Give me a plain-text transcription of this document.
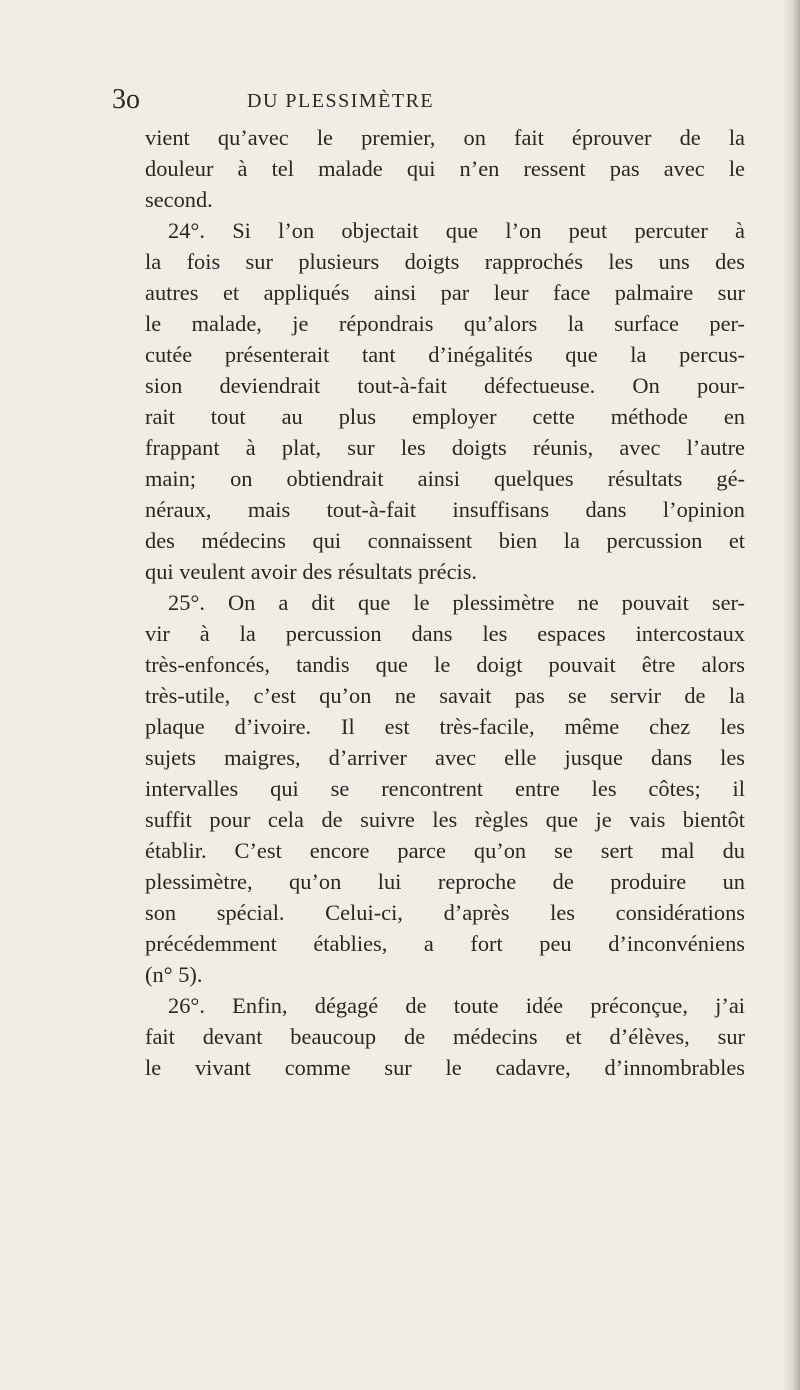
3o	DU PLESSIMÈTRE
vient qu’avec le premier, on fait éprouver de la
douleur à tel malade qui n’en ressent pas avec le
second.
24°. Si l’on objectait que l’on peut percuter à
la fois sur plusieurs doigts rapprochés les uns des
autres et appliqués ainsi par leur face palmaire sur
le malade, je répondrais qu’alors la surface per-
cutée présenterait tant d’inégalités que la percus-
sion deviendrait tout-à-fait défectueuse. On pour-
rait tout au plus employer cette méthode en
frappant à plat, sur les doigts réunis, avec l’autre
main; on obtiendrait ainsi quelques résultats gé-
néraux, mais tout-à-fait insuffisans dans l’opinion
des médecins qui connaissent bien la percussion et
qui veulent avoir des résultats précis.
25°. On a dit que le plessimètre ne pouvait ser-
vir à la percussion dans les espaces intercostaux
très-enfoncés, tandis que le doigt pouvait être alors
très-utile, c’est qu’on ne savait pas se servir de la
plaque d’ivoire. Il est très-facile, même chez les
sujets maigres, d’arriver avec elle jusque dans les
intervalles qui se rencontrent entre les côtes; il
suffit pour cela de suivre les règles que je vais bientôt
établir. C’est encore parce qu’on se sert mal du
plessimètre, qu’on lui reproche de produire un
son spécial. Celui-ci, d’après les considérations
précédemment établies, a fort peu d’inconvéniens
(n° 5).
26°. Enfin, dégagé de toute idée préconçue, j’ai
fait devant beaucoup de médecins et d’élèves, sur
le vivant comme sur le cadavre, d’innombrables
